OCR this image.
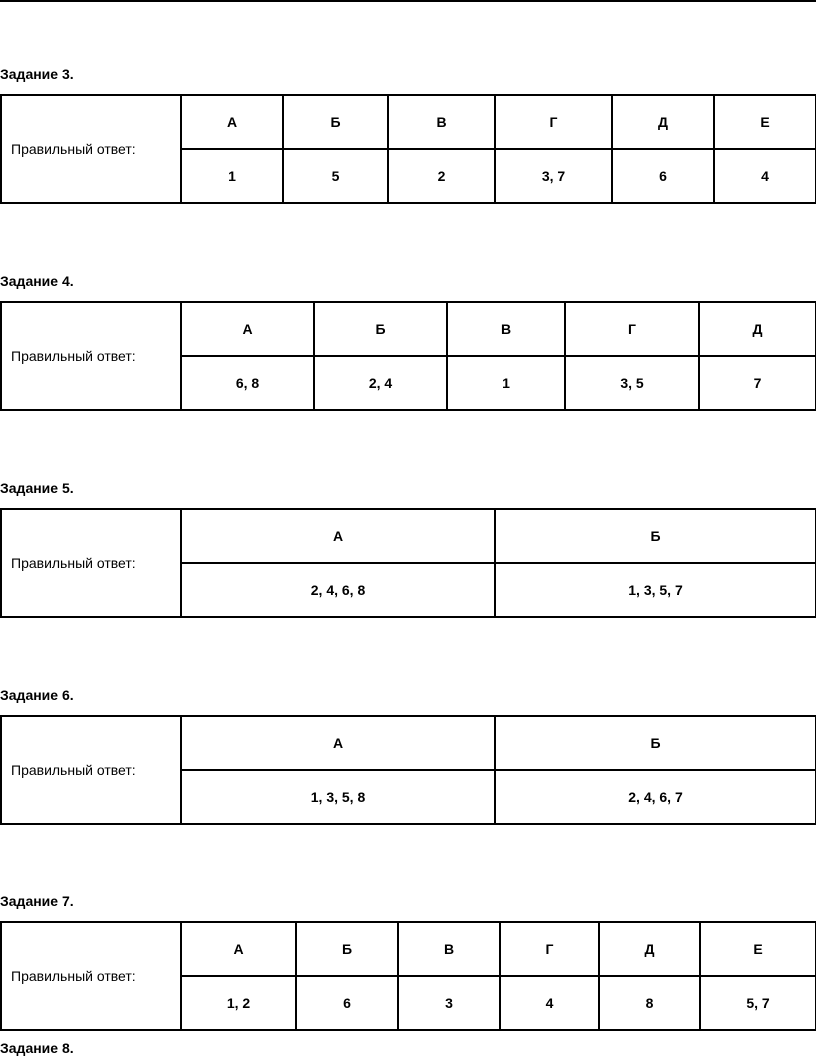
Задание 3.
Правильный ответ:	А	Б	В	Г	Д	Е
	1	5	2	3, 7	6	4
Задание 4.
Правильный ответ:	А	Б	В	Г	Д
	6, 8	2, 4	1	3, 5	7
Задание 5.
Правильный ответ:	А	Б
	2, 4, 6, 8	1, 3, 5, 7
Задание 6.
Правильный ответ:	А	Б
	1, 3, 5, 8	2, 4, 6, 7
Задание 7.
Правильный ответ:	А	Б	В	Г	Д	Е
	1, 2	6	3	4	8	5, 7
Задание 8.
